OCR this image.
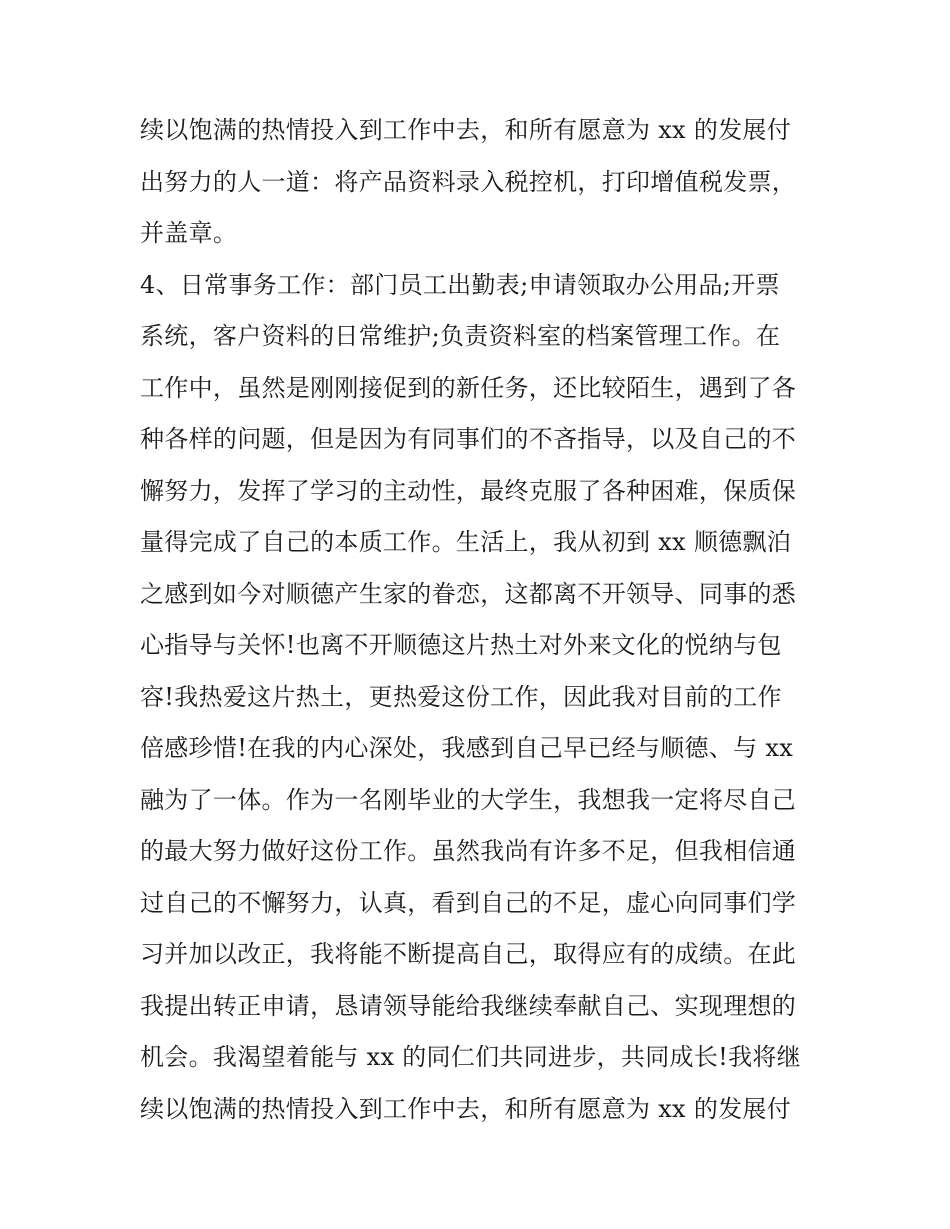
续以饱满的热情投入到工作中去，和所有愿意为 xx 的发展付
出努力的人一道：将产品资料录入税控机，打印增值税发票，
并盖章。
4、日常事务工作：部门员工出勤表;申请领取办公用品;开票
系统，客户资料的日常维护;负责资料室的档案管理工作。在
工作中，虽然是刚刚接促到的新任务，还比较陌生，遇到了各
种各样的问题，但是因为有同事们的不吝指导，以及自己的不
懈努力，发挥了学习的主动性，最终克服了各种困难，保质保
量得完成了自己的本质工作。生活上，我从初到 xx 顺德飘泊
之感到如今对顺德产生家的眷恋，这都离不开领导、同事的悉
心指导与关怀!也离不开顺德这片热土对外来文化的悦纳与包
容!我热爱这片热土，更热爱这份工作，因此我对目前的工作
倍感珍惜!在我的内心深处，我感到自己早已经与顺德、与 xx
融为了一体。作为一名刚毕业的大学生，我想我一定将尽自己
的最大努力做好这份工作。虽然我尚有许多不足，但我相信通
过自己的不懈努力，认真，看到自己的不足，虚心向同事们学
习并加以改正，我将能不断提高自己，取得应有的成绩。在此
我提出转正申请，恳请领导能给我继续奉献自己、实现理想的
机会。我渴望着能与 xx 的同仁们共同进步，共同成长!我将继
续以饱满的热情投入到工作中去，和所有愿意为 xx 的发展付
